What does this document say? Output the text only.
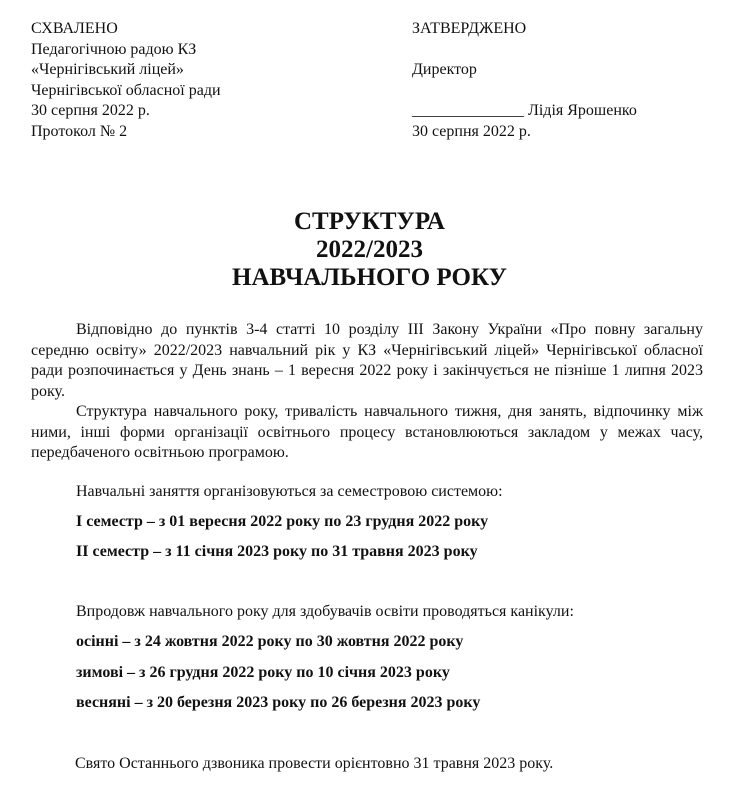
СХВАЛЕНО
Педагогічною радою КЗ
«Чернігівський ліцей»
Чернігівської обласної ради
30 серпня 2022 р.
Протокол № 2
ЗАТВЕРДЖЕНО
Директор
______________ Лідія Ярошенко
30 серпня 2022 р.
СТРУКТУРА
2022/2023
НАВЧАЛЬНОГО РОКУ
Відповідно до пунктів 3-4 статті 10 розділу ІІІ Закону України «Про повну загальну середню освіту» 2022/2023 навчальний рік у КЗ «Чернігівський ліцей» Чернігівської обласної ради розпочинається у День знань – 1 вересня 2022 року і закінчується не пізніше 1 липня 2023 року.
Структура навчального року, тривалість навчального тижня, дня занять, відпочинку між ними, інші форми організації освітнього процесу встановлюються закладом у межах часу, передбаченого освітньою програмою.
Навчальні заняття організовуються за семестровою системою:
І семестр – з 01 вересня 2022 року по 23 грудня 2022 року
ІІ семестр – з 11 січня 2023 року по 31 травня 2023 року
Впродовж навчального року для здобувачів освіти проводяться канікули:
осінні – з 24 жовтня 2022 року по 30 жовтня 2022 року
зимові – з 26 грудня 2022 року по 10 січня 2023 року
весняні – з 20 березня 2023 року по 26 березня 2023 року
Свято Останнього дзвоника провести орієнтовно 31 травня 2023 року.
